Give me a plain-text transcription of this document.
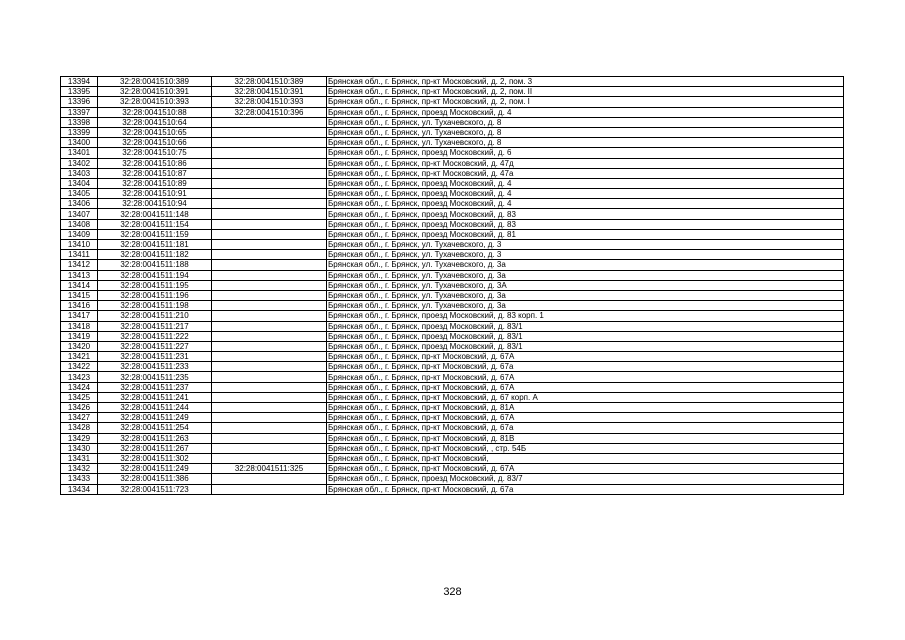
13394	32:28:0041510:389	32:28:0041510:389	Брянская обл., г. Брянск, пр-кт Московский, д. 2, пом. 3
13395	32:28:0041510:391	32:28:0041510:391	Брянская обл., г. Брянск, пр-кт Московский, д. 2, пом. II
13396	32:28:0041510:393	32:28:0041510:393	Брянская обл., г. Брянск, пр-кт Московский, д. 2, пом. I
13397	32:28:0041510:88	32:28:0041510:396	Брянская обл., г. Брянск, проезд Московский, д. 4
13398	32:28:0041510:64		Брянская обл., г. Брянск, ул. Тухачевского, д. 8
13399	32:28:0041510:65		Брянская обл., г. Брянск, ул. Тухачевского, д. 8
13400	32:28:0041510:66		Брянская обл., г. Брянск, ул. Тухачевского, д. 8
13401	32:28:0041510:75		Брянская обл., г. Брянск, проезд Московский, д. 6
13402	32:28:0041510:86		Брянская обл., г. Брянск, пр-кт Московский, д. 47д
13403	32:28:0041510:87		Брянская обл., г. Брянск, пр-кт Московский, д. 47а
13404	32:28:0041510:89		Брянская обл., г. Брянск, проезд Московский, д. 4
13405	32:28:0041510:91		Брянская обл., г. Брянск, проезд Московский, д. 4
13406	32:28:0041510:94		Брянская обл., г. Брянск, проезд Московский, д. 4
13407	32:28:0041511:148		Брянская обл., г. Брянск, проезд Московский, д. 83
13408	32:28:0041511:154		Брянская обл., г. Брянск, проезд Московский, д. 83
13409	32:28:0041511:159		Брянская обл., г. Брянск, проезд Московский, д. 81
13410	32:28:0041511:181		Брянская обл., г. Брянск, ул. Тухачевского, д. 3
13411	32:28:0041511:182		Брянская обл., г. Брянск, ул. Тухачевского, д. 3
13412	32:28:0041511:188		Брянская обл., г. Брянск, ул. Тухачевского, д. 3а
13413	32:28:0041511:194		Брянская обл., г. Брянск, ул. Тухачевского, д. 3а
13414	32:28:0041511:195		Брянская обл., г. Брянск, ул. Тухачевского, д. 3А
13415	32:28:0041511:196		Брянская обл., г. Брянск, ул. Тухачевского, д. 3а
13416	32:28:0041511:198		Брянская обл., г. Брянск, ул. Тухачевского, д. 3а
13417	32:28:0041511:210		Брянская обл., г. Брянск, проезд Московский, д. 83 корп. 1
13418	32:28:0041511:217		Брянская обл., г. Брянск, проезд Московский, д. 83/1
13419	32:28:0041511:222		Брянская обл., г. Брянск, проезд Московский, д. 83/1
13420	32:28:0041511:227		Брянская обл., г. Брянск, проезд Московский, д. 83/1
13421	32:28:0041511:231		Брянская обл., г. Брянск, пр-кт Московский, д. 67А
13422	32:28:0041511:233		Брянская обл., г. Брянск, пр-кт Московский, д. 67а
13423	32:28:0041511:235		Брянская обл., г. Брянск, пр-кт Московский, д. 67А
13424	32:28:0041511:237		Брянская обл., г. Брянск, пр-кт Московский, д. 67А
13425	32:28:0041511:241		Брянская обл., г. Брянск, пр-кт Московский, д. 67 корп. А
13426	32:28:0041511:244		Брянская обл., г. Брянск, пр-кт Московский, д. 81А
13427	32:28:0041511:249		Брянская обл., г. Брянск, пр-кт Московский, д. 67А
13428	32:28:0041511:254		Брянская обл., г. Брянск, пр-кт Московский, д. 67а
13429	32:28:0041511:263		Брянская обл., г. Брянск, пр-кт Московский, д. 81В
13430	32:28:0041511:267		Брянская обл., г. Брянск, пр-кт Московский, , стр. 54Б
13431	32:28:0041511:302		Брянская обл., г. Брянск, пр-кт Московский,
13432	32:28:0041511:249	32:28:0041511:325	Брянская обл., г. Брянск, пр-кт Московский, д. 67А
13433	32:28:0041511:386		Брянская обл., г. Брянск, проезд Московский, д. 83/7
13434	32:28:0041511:723		Брянская обл., г. Брянск, пр-кт Московский, д. 67а
328
